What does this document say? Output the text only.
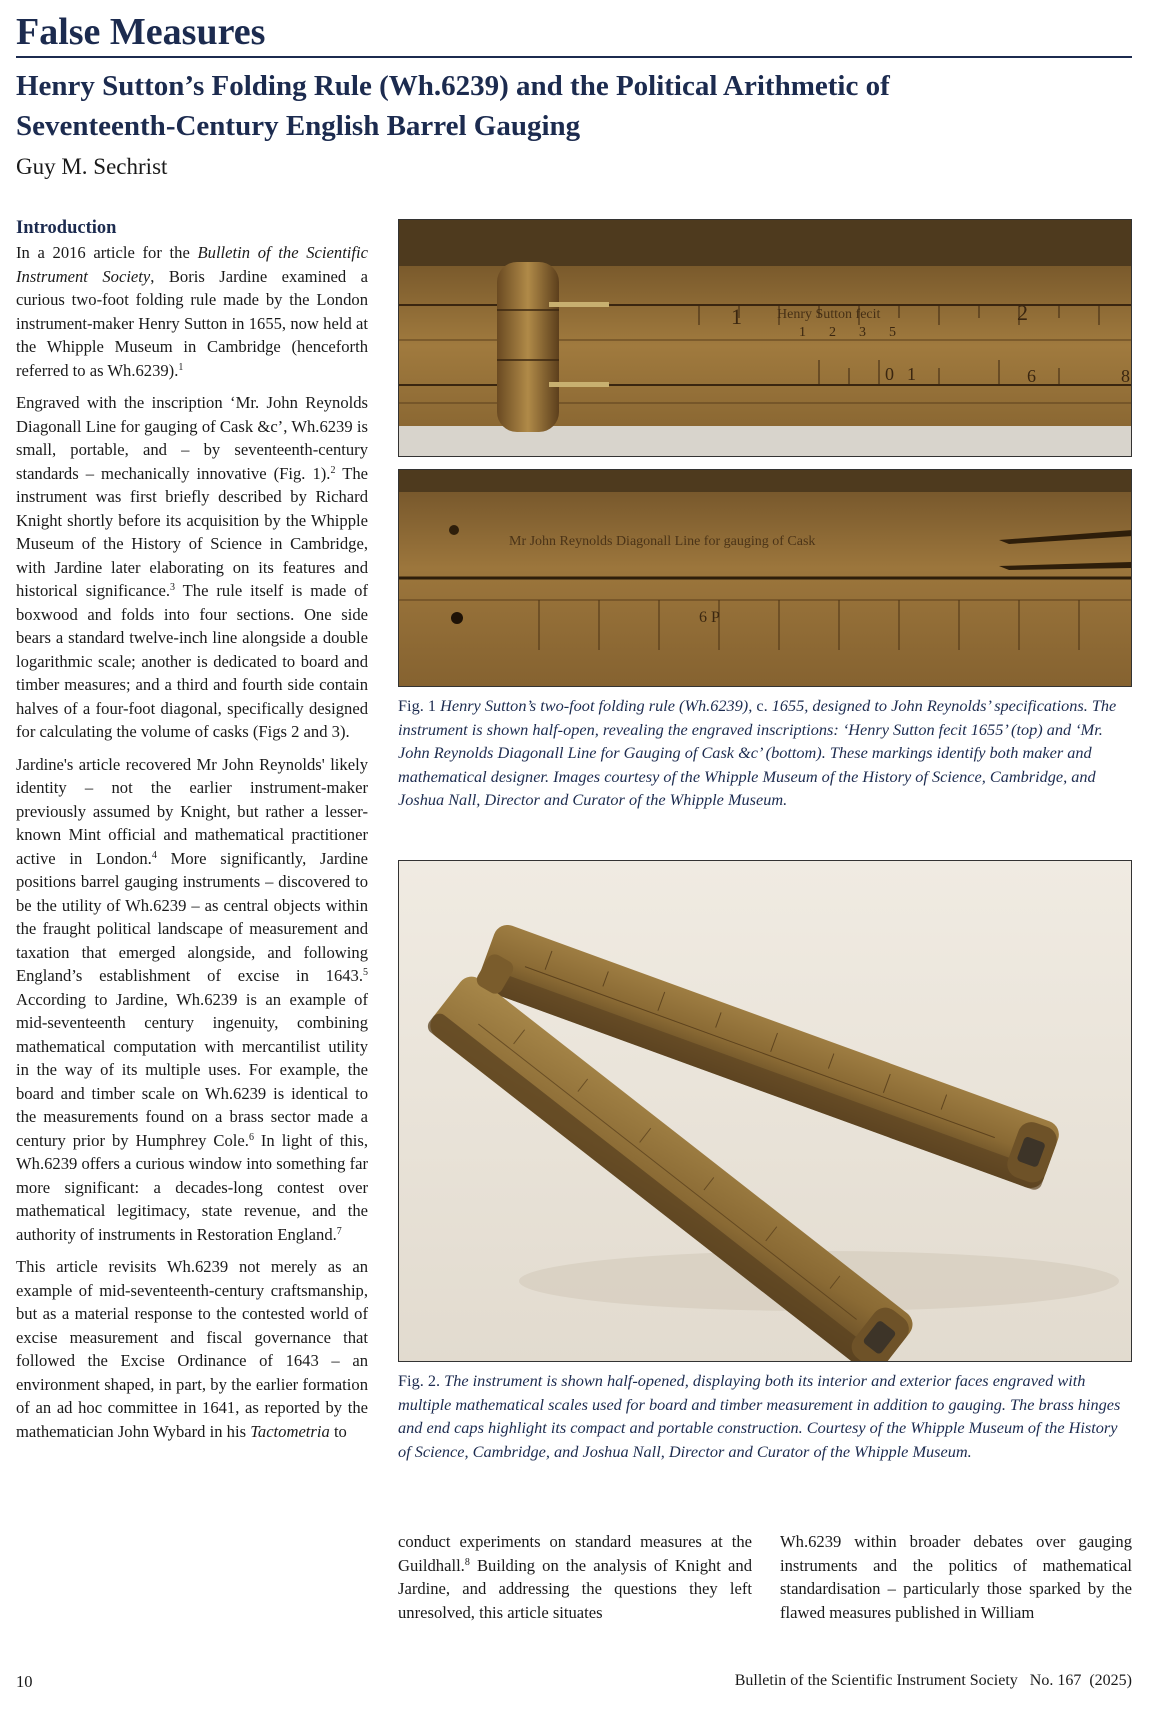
False Measures
Henry Sutton’s Folding Rule (Wh.6239) and the Political Arithmetic of
Seventeenth-Century English Barrel Gauging
Guy M. Sechrist
Introduction

In a 2016 article for the Bulletin of the Scientific Instrument Society, Boris Jardine examined a curious two-foot folding rule made by the London instrument-maker Henry Sutton in 1655, now held at the Whipple Museum in Cambridge (henceforth referred to as Wh.6239).$^1$

Engraved with the inscription ‘Mr. John Reynolds Diagonall Line for gauging of Cask &c’, Wh.6239 is small, portable, and – by seventeenth-century standards – mechanically innovative (Fig. 1).$^2$ The instrument was first briefly described by Richard Knight shortly before its acquisition by the Whipple Museum of the History of Science in Cambridge, with Jardine later elaborating on its features and historical significance.$^3$ The rule itself is made of boxwood and folds into four sections. One side bears a standard twelve-inch line alongside a double logarithmic scale; another is dedicated to board and timber measures; and a third and fourth side contain halves of a four-foot diagonal, specifically designed for calculating the volume of casks (Figs 2 and 3).

Jardine's article recovered Mr John Reynolds' likely identity – not the earlier instrument-maker previously assumed by Knight, but rather a lesser-known Mint official and mathematical practitioner active in London.$^4$ More significantly, Jardine positions barrel gauging instruments – discovered to be the utility of Wh.6239 – as central objects within the fraught political landscape of measurement and taxation that emerged alongside, and following England’s establishment of excise in 1643.$^5$ According to Jardine, Wh.6239 is an example of mid-seventeenth century ingenuity, combining mathematical computation with mercantilist utility in the way of its multiple uses. For example, the board and timber scale on Wh.6239 is identical to the measurements found on a brass sector made a century prior by Humphrey Cole.$^6$ In light of this, Wh.6239 offers a curious window into something far more significant: a decades-long contest over mathematical legitimacy, state revenue, and the authority of instruments in Restoration England.$^7$

This article revisits Wh.6239 not merely as an example of mid-seventeenth-century craftsmanship, but as a material response to the contested world of excise measurement and fiscal governance that followed the Excise Ordinance of 1643 – an environment shaped, in part, by the earlier formation of an ad hoc committee in 1641, as reported by the mathematician John Wybard in his Tactometria to

1	Henry Sutton fecit	2
1 2 3 5
0 1	6	8
Mr John Reynolds Diagonall Line for gauging of Cask
6 P
Fig. 1 Henry Sutton’s two-foot folding rule (Wh.6239), c. 1655, designed to John Reynolds’ specifications. The instrument is shown half-open, revealing the engraved inscriptions: ‘Henry Sutton fecit 1655’ (top) and ‘Mr. John Reynolds Diagonall Line for Gauging of Cask &c’ (bottom). These markings identify both maker and mathematical designer. Images courtesy of the Whipple Museum of the History of Science, Cambridge, and Joshua Nall, Director and Curator of the Whipple Museum.
Fig. 2. The instrument is shown half-opened, displaying both its interior and exterior faces engraved with multiple mathematical scales used for board and timber measurement in addition to gauging. The brass hinges and end caps highlight its compact and portable construction. Courtesy of the Whipple Museum of the History of Science, Cambridge, and Joshua Nall, Director and Curator of the Whipple Museum.
conduct experiments on standard measures at the Guildhall.$^8$ Building on the analysis of Knight and Jardine, and addressing the questions they left unresolved, this article situates
Wh.6239 within broader debates over gauging instruments and the politics of mathematical standardisation – particularly those sparked by the flawed measures published in William
10	Bulletin of the Scientific Instrument Society No. 167 (2025)
